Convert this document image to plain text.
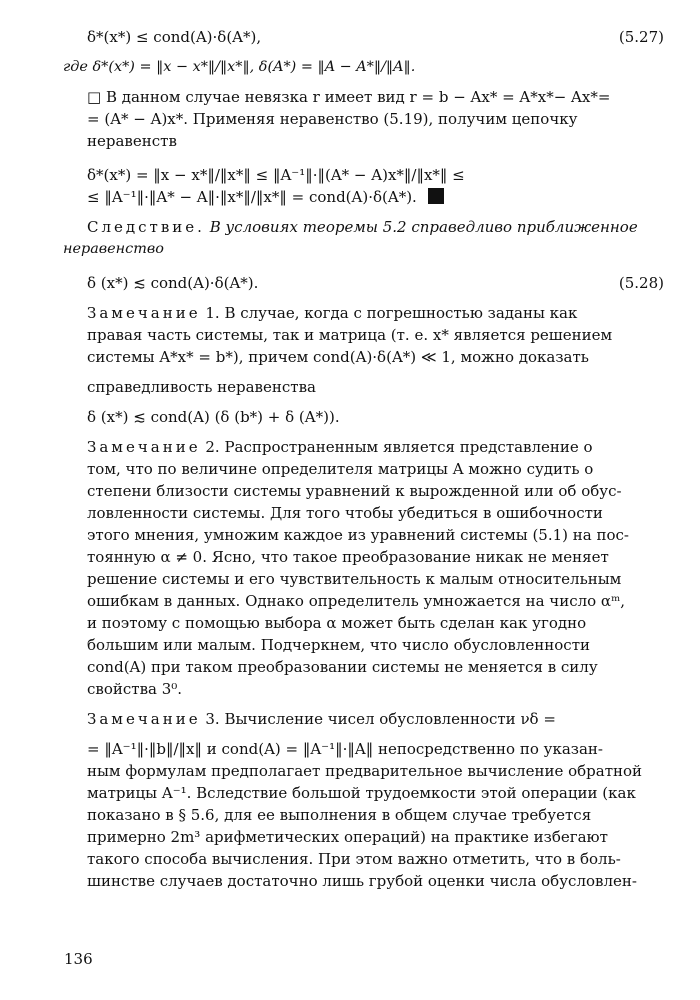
δ*(x*) ≤ cond(A)·δ(A*),	(5.27)
где δ*(x*) = ‖x − x*‖/‖x*‖, δ(A*) = ‖A − A*‖/‖A‖.
□ В данном случае невязка r имеет вид r = b − Ax* = A*x*− Ax*=
= (A* − A)x*. Применяя неравенство (5.19), получим цепочку
неравенств
δ*(x*) = ‖x − x*‖/‖x*‖ ≤ ‖A⁻¹‖·‖(A* − A)x*‖/‖x*‖ ≤
≤ ‖A⁻¹‖·‖A* − A‖·‖x*‖/‖x*‖ = cond(A)·δ(A*).
Следствие. В условиях теоремы 5.2 справедливо приближенное
неравенство
δ (x*) ≲ cond(A)·δ(A*).	(5.28)
Замечание 1. В случае, когда с погрешностью заданы как
правая часть системы, так и матрица (т. е. x* является решением
системы A*x* = b*), причем cond(A)·δ(A*) ≪ 1, можно доказать
справедливость неравенства
δ (x*) ≲ cond(A) (δ (b*) + δ (A*)).
Замечание 2. Распространенным является представление о
том, что по величине определителя матрицы A можно судить о
степени близости системы уравнений к вырожденной или об обус-
ловленности системы. Для того чтобы убедиться в ошибочности
этого мнения, умножим каждое из уравнений системы (5.1) на пос-
тоянную α ≠ 0. Ясно, что такое преобразование никак не меняет
решение системы и его чувствительность к малым относительным
ошибкам в данных. Однако определитель умножается на число αᵐ,
и поэтому с помощью выбора α может быть сделан как угодно
большим или малым. Подчеркнем, что число обусловленности
cond(A) при таком преобразовании системы не меняется в силу
свойства 3⁰.
Замечание 3. Вычисление чисел обусловленности νδ =
= ‖A⁻¹‖·‖b‖/‖x‖ и cond(A) = ‖A⁻¹‖·‖A‖ непосредственно по указан-
ным формулам предполагает предварительное вычисление обратной
матрицы A⁻¹. Вследствие большой трудоемкости этой операции (как
показано в § 5.6, для ее выполнения в общем случае требуется
примерно 2m³ арифметических операций) на практике избегают
такого способа вычисления. При этом важно отметить, что в боль-
шинстве случаев достаточно лишь грубой оценки числа обусловлен-
136
